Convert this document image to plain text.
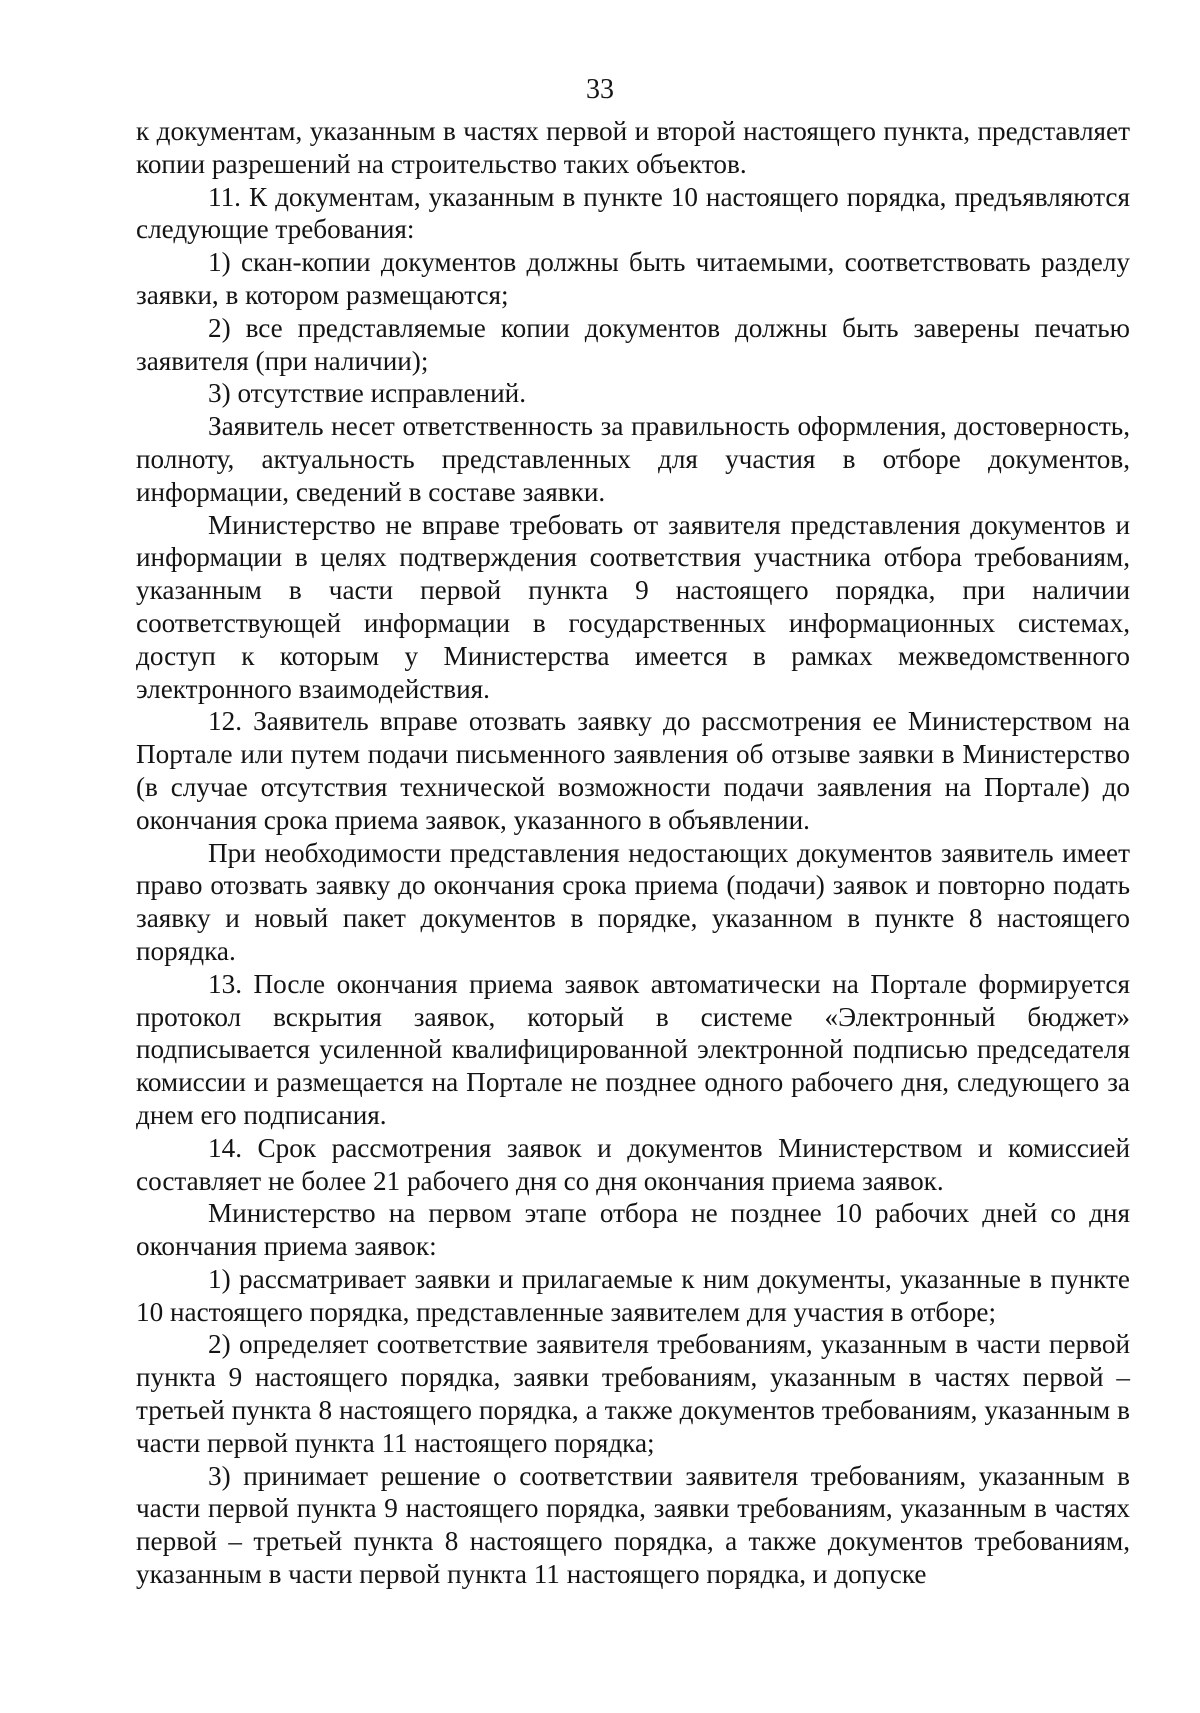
33

к документам, указанным в частях первой и второй настоящего пункта, представляет копии разрешений на строительство таких объектов.

11. К документам, указанным в пункте 10 настоящего порядка, предъявляются следующие требования:

1) скан-копии документов должны быть читаемыми, соответствовать разделу заявки, в котором размещаются;

2) все представляемые копии документов должны быть заверены печатью заявителя (при наличии);

3) отсутствие исправлений.

Заявитель несет ответственность за правильность оформления, достоверность, полноту, актуальность представленных для участия в отборе документов, информации, сведений в составе заявки.

Министерство не вправе требовать от заявителя представления документов и информации в целях подтверждения соответствия участника отбора требованиям, указанным в части первой пункта 9 настоящего порядка, при наличии соответствующей информации в государственных информационных системах, доступ к которым у Министерства имеется в рамках межведомственного электронного взаимодействия.

12. Заявитель вправе отозвать заявку до рассмотрения ее Министерством на Портале или путем подачи письменного заявления об отзыве заявки в Министерство (в случае отсутствия технической возможности подачи заявления на Портале) до окончания срока приема заявок, указанного в объявлении.

При необходимости представления недостающих документов заявитель имеет право отозвать заявку до окончания срока приема (подачи) заявок и повторно подать заявку и новый пакет документов в порядке, указанном в пункте 8 настоящего порядка.

13. После окончания приема заявок автоматически на Портале формируется протокол вскрытия заявок, который в системе «Электронный бюджет» подписывается усиленной квалифицированной электронной подписью председателя комиссии и размещается на Портале не позднее одного рабочего дня, следующего за днем его подписания.

14. Срок рассмотрения заявок и документов Министерством и комиссией составляет не более 21 рабочего дня со дня окончания приема заявок.

Министерство на первом этапе отбора не позднее 10 рабочих дней со дня окончания приема заявок:

1) рассматривает заявки и прилагаемые к ним документы, указанные в пункте 10 настоящего порядка, представленные заявителем для участия в отборе;

2) определяет соответствие заявителя требованиям, указанным в части первой пункта 9 настоящего порядка, заявки требованиям, указанным в частях первой – третьей пункта 8 настоящего порядка, а также документов требованиям, указанным в части первой пункта 11 настоящего порядка;

3) принимает решение о соответствии заявителя требованиям, указанным в части первой пункта 9 настоящего порядка, заявки требованиям, указанным в частях первой – третьей пункта 8 настоящего порядка, а также документов требованиям, указанным в части первой пункта 11 настоящего порядка, и допуске
